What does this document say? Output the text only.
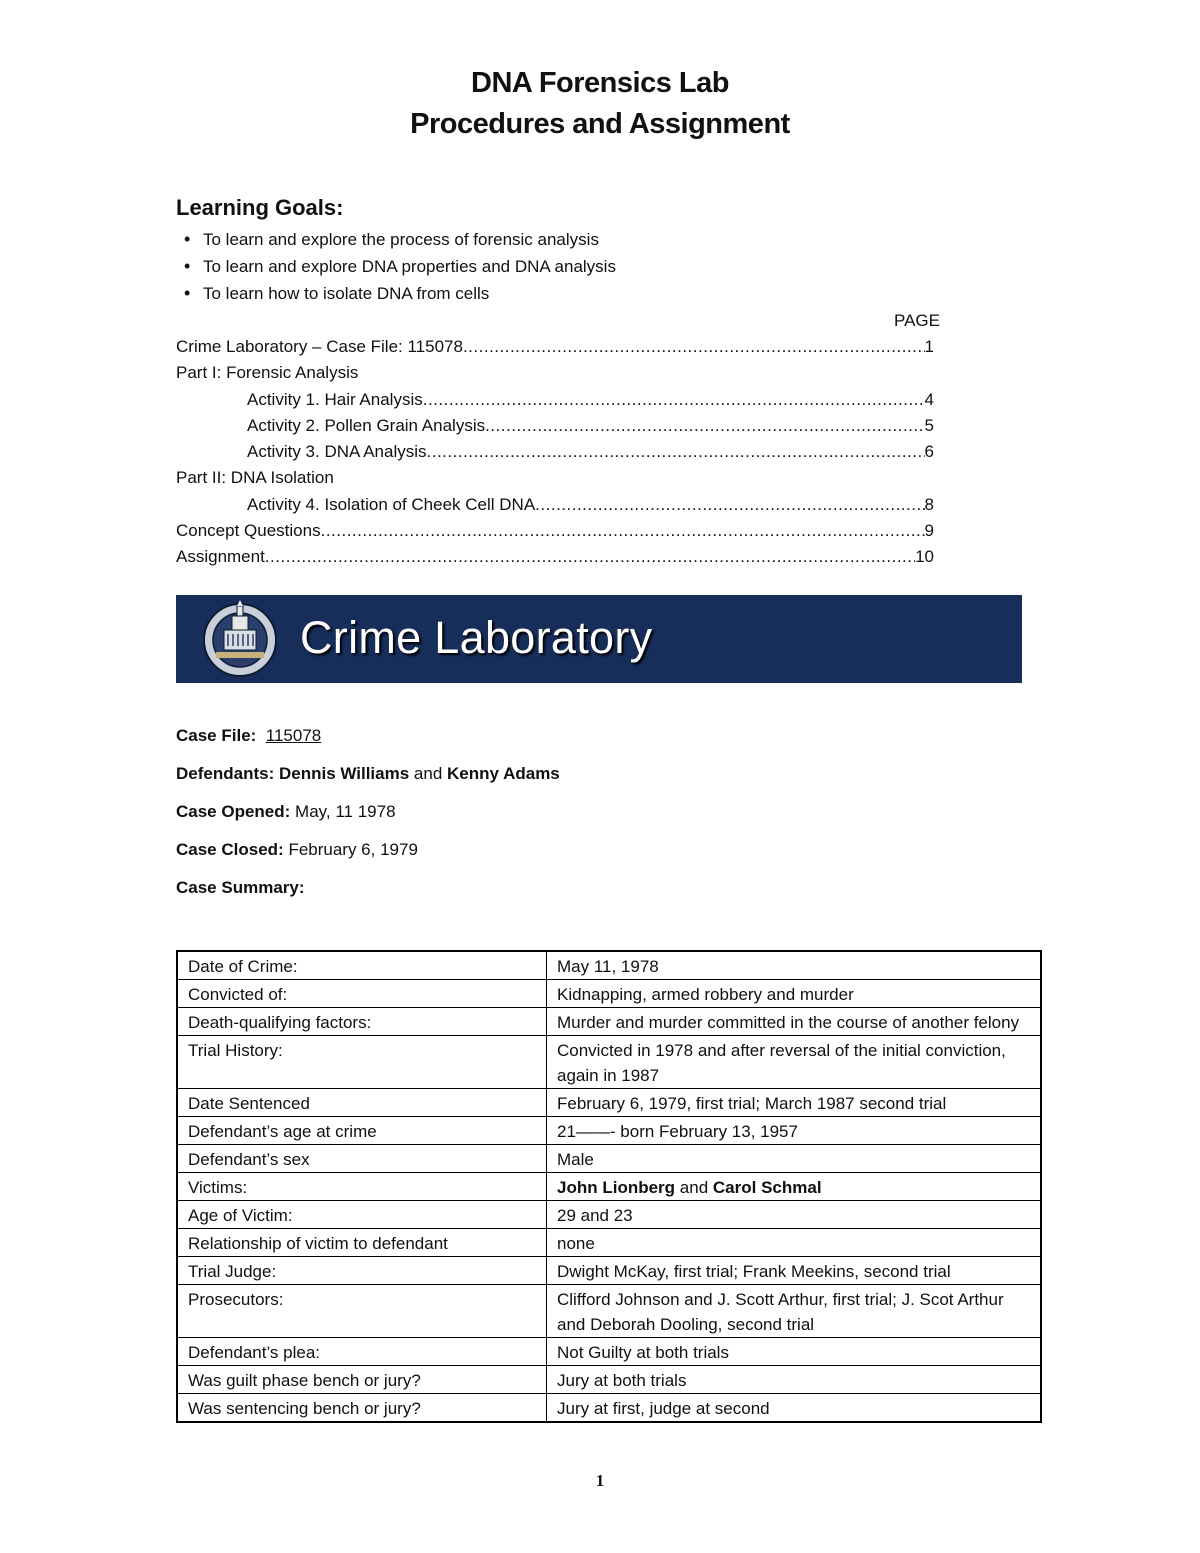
DNA Forensics Lab
Procedures and Assignment
Learning Goals:
• To learn and explore the process of forensic analysis
• To learn and explore DNA properties and DNA analysis
• To learn how to isolate DNA from cells
PAGE
Crime Laboratory – Case File: 115078 .....	1
Part I: Forensic Analysis
Activity 1. Hair Analysis .....	4
Activity 2. Pollen Grain Analysis .....	5
Activity 3. DNA Analysis .....	6
Part II: DNA Isolation
Activity 4. Isolation of Cheek Cell DNA .....	8
Concept Questions .....	9
Assignment .....	10
Crime Laboratory
Case File: 115078
Defendants: Dennis Williams and Kenny Adams
Case Opened: May, 11 1978
Case Closed: February 6, 1979
Case Summary:
Date of Crime:	May 11, 1978
Convicted of:	Kidnapping, armed robbery and murder
Death-qualifying factors:	Murder and murder committed in the course of another felony
Trial History:	Convicted in 1978 and after reversal of the initial conviction, again in 1987
Date Sentenced	February 6, 1979, first trial; March 1987 second trial
Defendant’s age at crime	21——- born February 13, 1957
Defendant’s sex	Male
Victims:	John Lionberg and Carol Schmal
Age of Victim:	29 and 23
Relationship of victim to defendant	none
Trial Judge:	Dwight McKay, first trial; Frank Meekins, second trial
Prosecutors:	Clifford Johnson and J. Scott Arthur, first trial; J. Scot Arthur and Deborah Dooling, second trial
Defendant’s plea:	Not Guilty at both trials
Was guilt phase bench or jury?	Jury at both trials
Was sentencing bench or jury?	Jury at first, judge at second
1
